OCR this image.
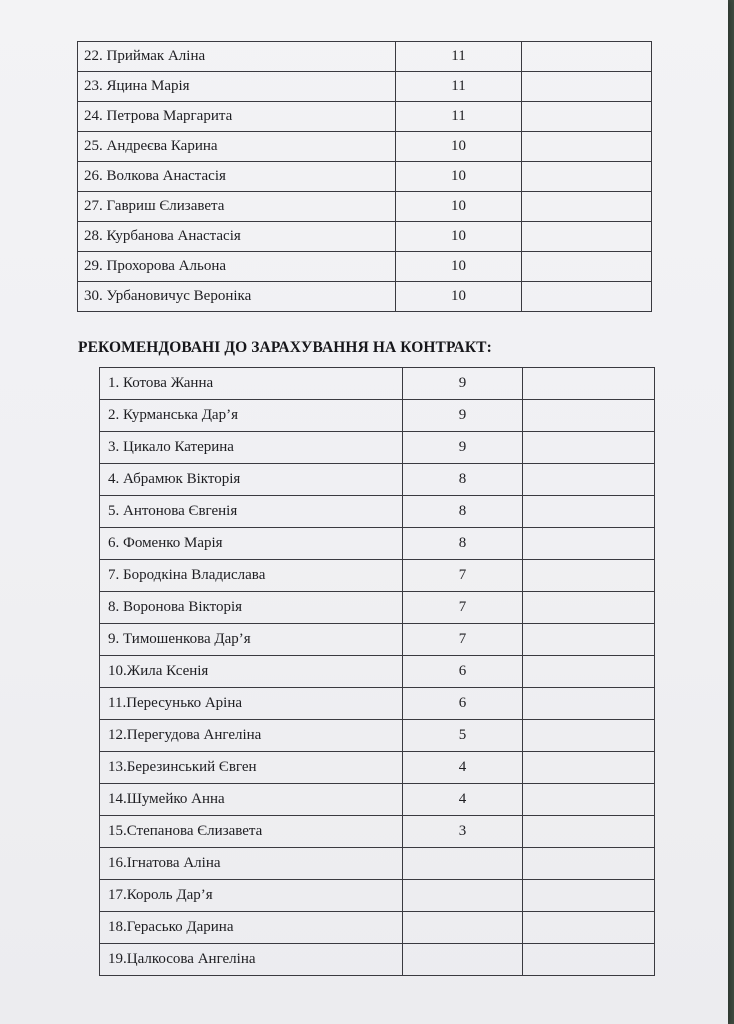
22. Приймак Аліна	11	
23. Яцина Марія	11	
24. Петрова Маргарита	11	
25. Андреєва Карина	10	
26. Волкова Анастасія	10	
27. Гавриш Єлизавета	10	
28. Курбанова Анастасія	10	
29. Прохорова Альона	10	
30. Урбановичус Вероніка	10	
РЕКОМЕНДОВАНІ ДО ЗАРАХУВАННЯ НА КОНТРАКТ:
1. Котова Жанна	9	
2. Курманська Дар’я	9	
3. Цикало Катерина	9	
4. Абрамюк Вікторія	8	
5. Антонова Євгенія	8	
6. Фоменко Марія	8	
7. Бородкіна Владислава	7	
8. Воронова Вікторія	7	
9. Тимошенкова Дар’я	7	
10.Жила Ксенія	6	
11.Пересунько Аріна	6	
12.Перегудова Ангеліна	5	
13.Березинський Євген	4	
14.Шумейко Анна	4	
15.Степанова Єлизавета	3	
16.Ігнатова Аліна		
17.Король Дар’я		
18.Герасько Дарина		
19.Цалкосова Ангеліна		
